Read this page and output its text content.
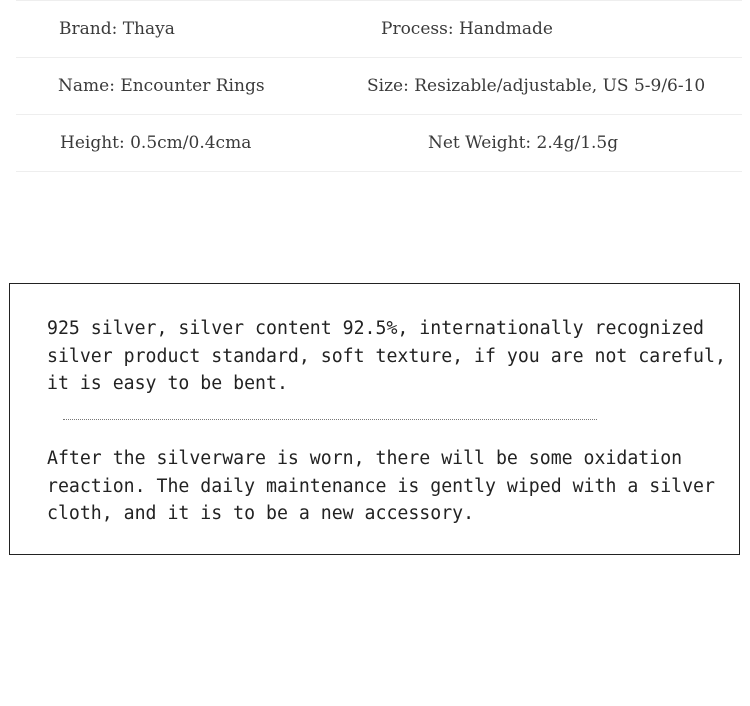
Brand: Thaya	Process: Handmade
Name: Encounter Rings	Size: Resizable/adjustable, US 5-9/6-10
Height: 0.5cm/0.4cma	Net Weight: 2.4g/1.5g

925 silver, silver content 92.5%, internationally recognized silver product standard, soft texture, if you are not careful, it is easy to be bent.

After the silverware is worn, there will be some oxidation reaction. The daily maintenance is gently wiped with a silver cloth, and it is to be a new accessory.
